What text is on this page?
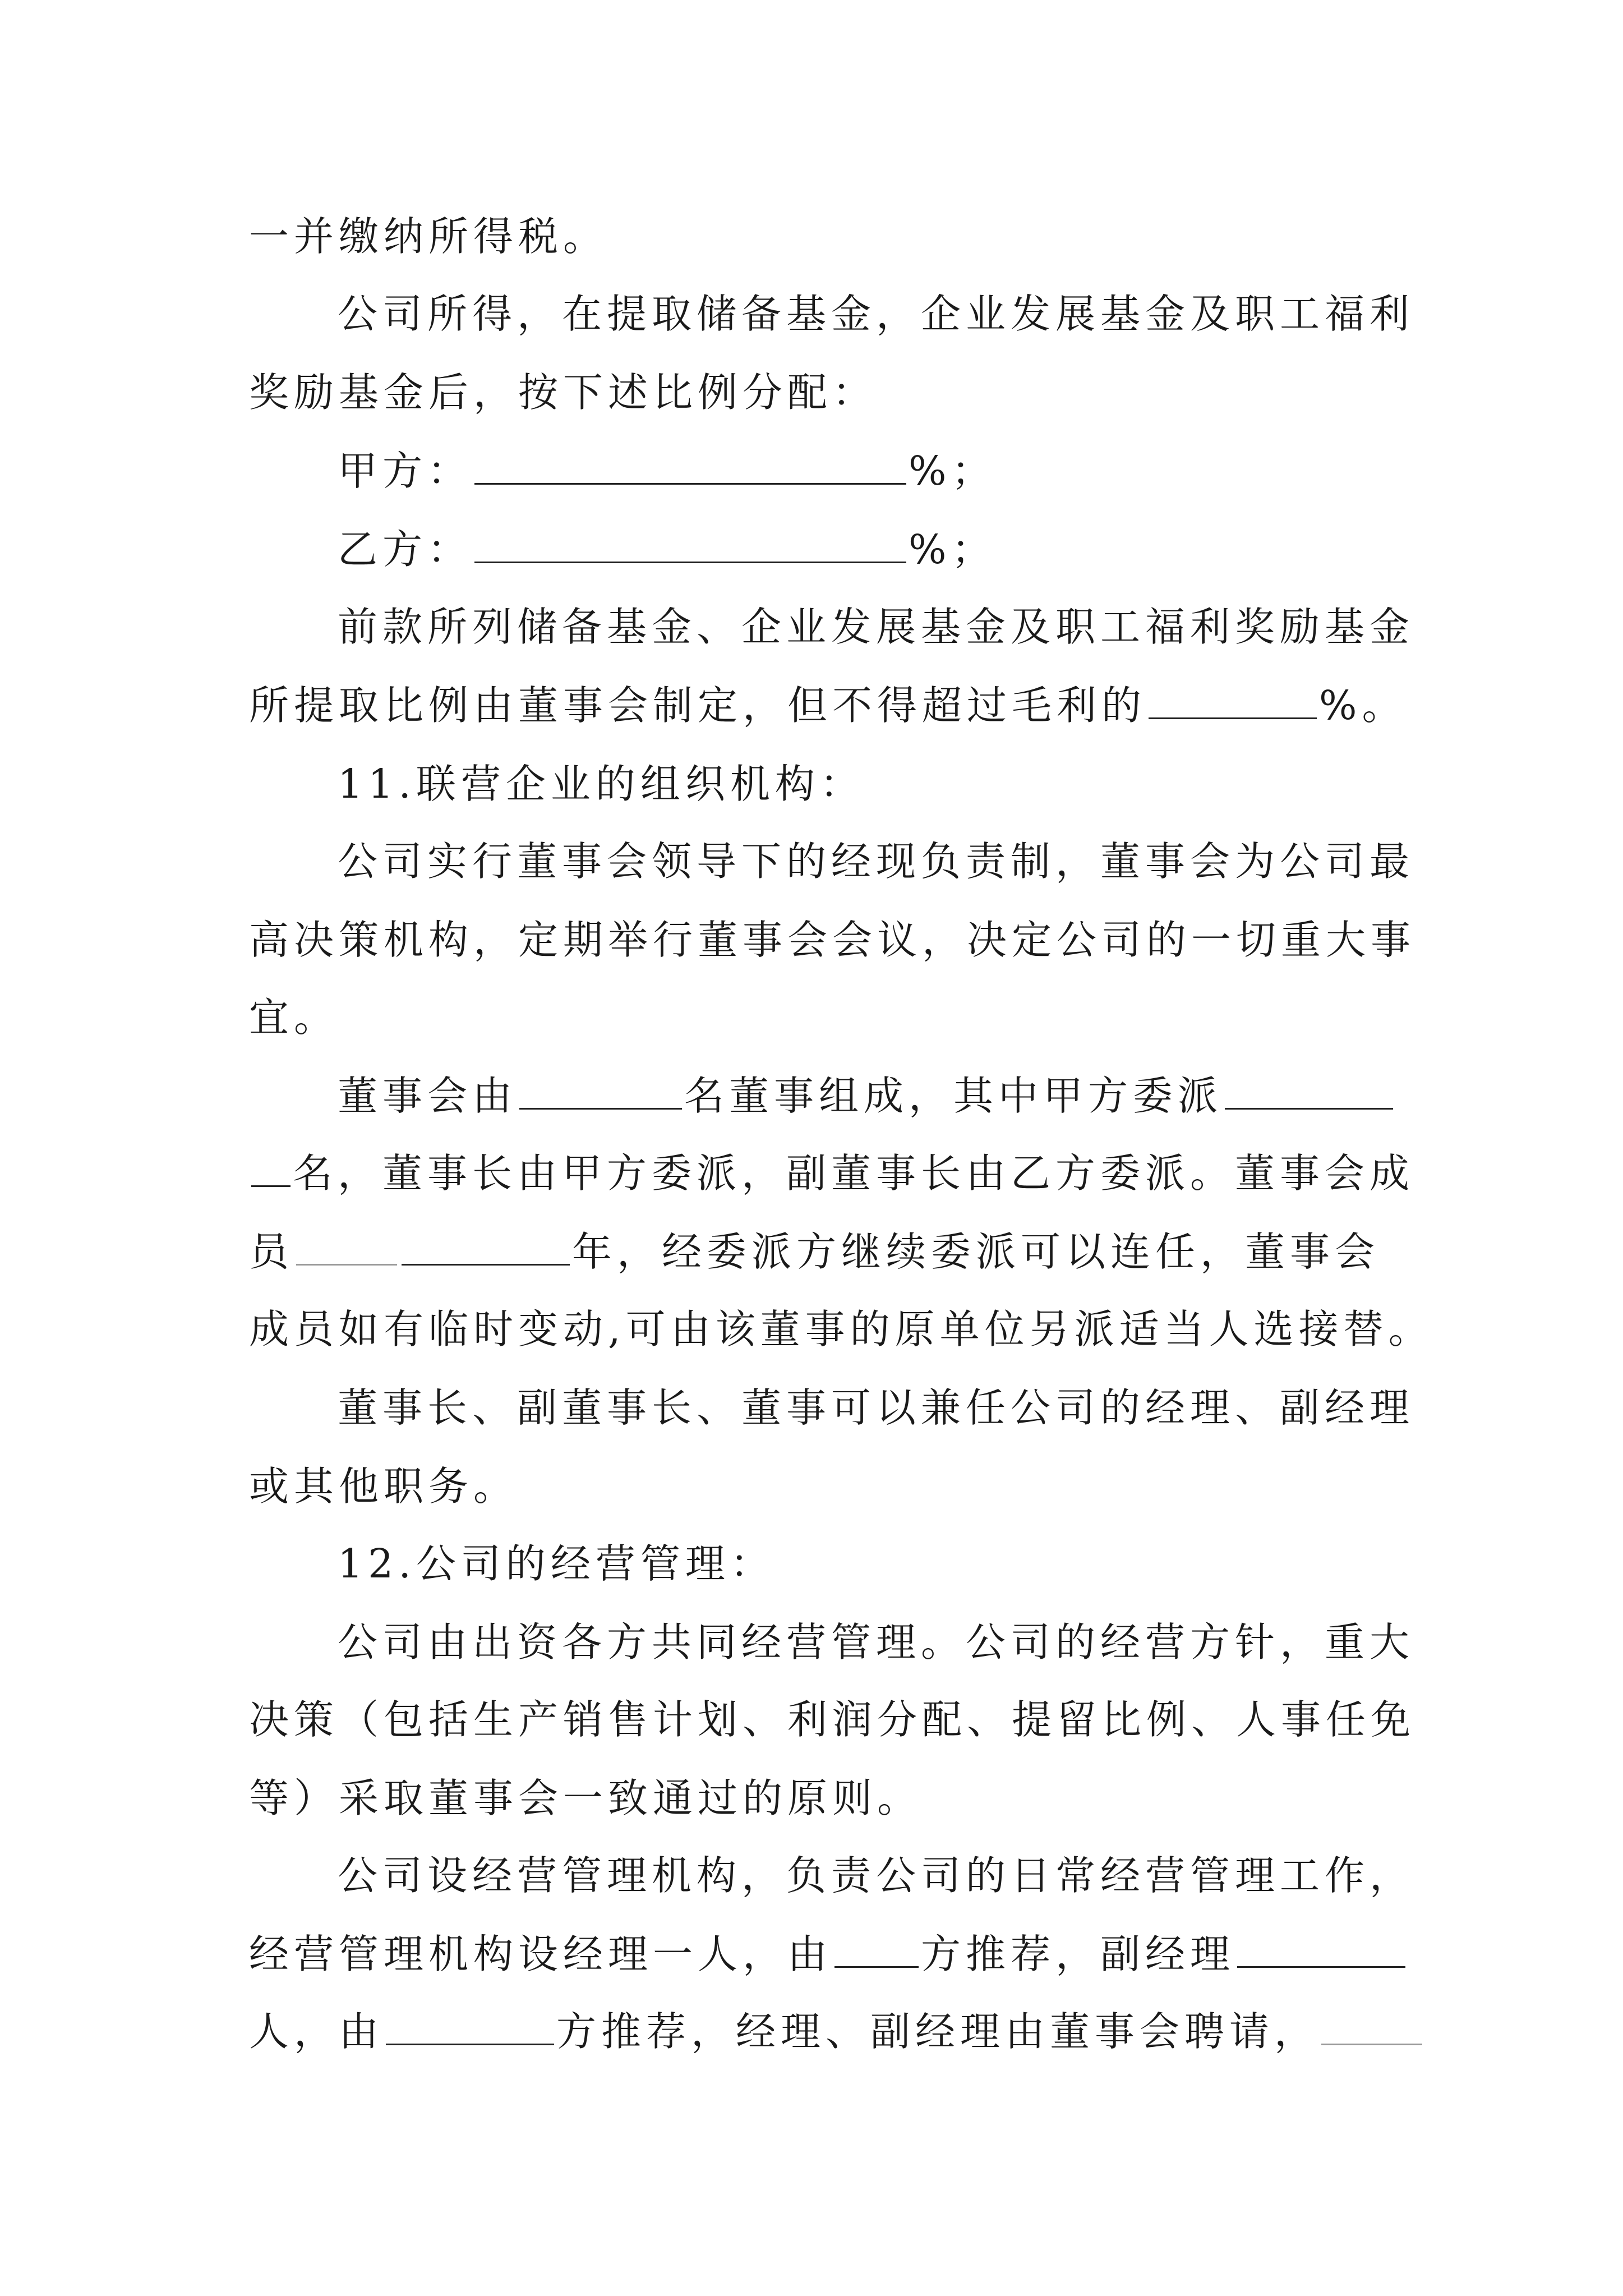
一并缴纳所得税。
公司所得，在提取储备基金，企业发展基金及职工福利
奖励基金后，按下述比例分配：
甲方：	%；
乙方：	%；
前款所列储备基金、企业发展基金及职工福利奖励基金
所提取比例由董事会制定，但不得超过毛利的	%。
11.联营企业的组织机构：
公司实行董事会领导下的经现负责制，董事会为公司最
高决策机构，定期举行董事会会议，决定公司的一切重大事
宜。
董事会由	名董事组成，其中甲方委派
名，董事长由甲方委派，副董事长由乙方委派。董事会成
员	年，经委派方继续委派可以连任，董事会
成员如有临时变动,可由该董事的原单位另派适当人选接替。
董事长、副董事长、董事可以兼任公司的经理、副经理
或其他职务。
12.公司的经营管理：
公司由出资各方共同经营管理。公司的经营方针，重大
决策（包括生产销售计划、利润分配、提留比例、人事任免
等）采取董事会一致通过的原则。
公司设经营管理机构，负责公司的日常经营管理工作，
经营管理机构设经理一人，由 方推荐，副经理
人，由	方推荐，经理、副经理由董事会聘请，
